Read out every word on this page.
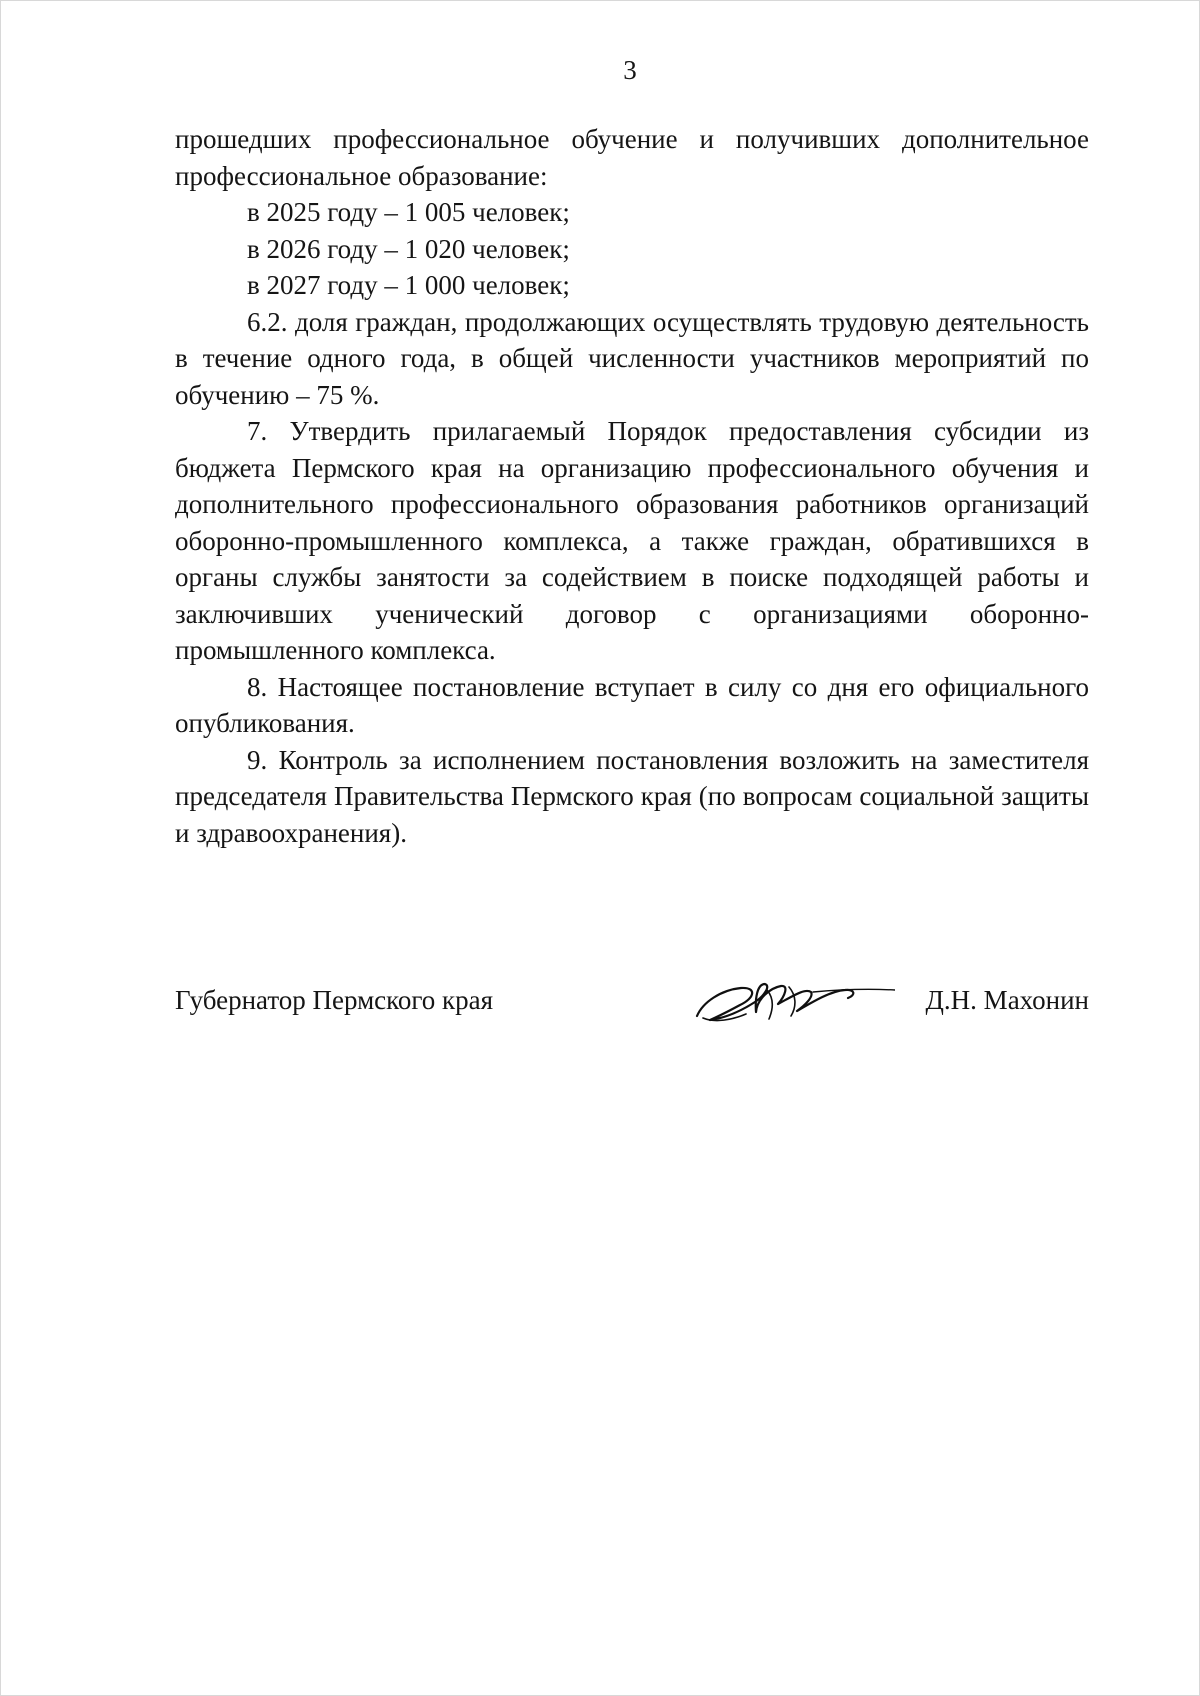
3

прошедших профессиональное обучение и получивших дополнительное

профессиональное образование:

в 2025 году – 1 005 человек;

в 2026 году – 1 020 человек;

в 2027 году – 1 000 человек;

6.2. доля граждан, продолжающих осуществлять трудовую деятельность в течение одного года, в общей численности участников мероприятий по обучению – 75 %.

7. Утвердить прилагаемый Порядок предоставления субсидии из бюджета Пермского края на организацию профессионального обучения и дополнительного профессионального образования работников организаций оборонно-промышленного комплекса, а также граждан, обратившихся в органы службы занятости за содействием в поиске подходящей работы и заключивших ученический договор с организациями оборонно-промышленного комплекса.

8. Настоящее постановление вступает в силу со дня его официального опубликования.

9. Контроль за исполнением постановления возложить на заместителя председателя Правительства Пермского края (по вопросам социальной защиты и здравоохранения).

Губернатор Пермского края	Д.Н. Махонин
